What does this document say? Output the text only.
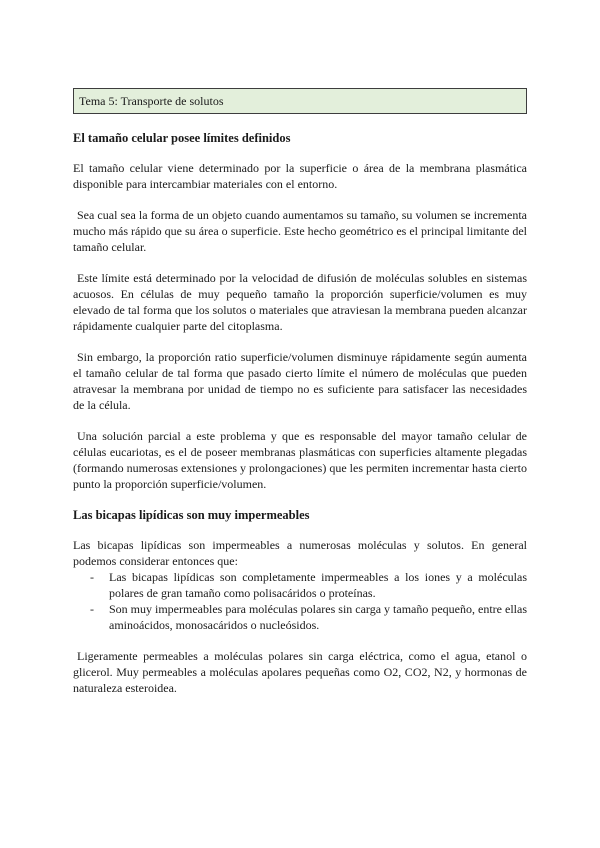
Tema 5: Transporte de solutos
El tamaño celular posee límites definidos

El tamaño celular viene determinado por la superficie o área de la membrana plasmática disponible para intercambiar materiales con el entorno.

Sea cual sea la forma de un objeto cuando aumentamos su tamaño, su volumen se incrementa mucho más rápido que su área o superficie. Este hecho geométrico es el principal limitante del tamaño celular.

Este límite está determinado por la velocidad de difusión de moléculas solubles en sistemas acuosos. En células de muy pequeño tamaño la proporción superficie/volumen es muy elevado de tal forma que los solutos o materiales que atraviesan la membrana pueden alcanzar rápidamente cualquier parte del citoplasma.

Sin embargo, la proporción ratio superficie/volumen disminuye rápidamente según aumenta el tamaño celular de tal forma que pasado cierto límite el número de moléculas que pueden atravesar la membrana por unidad de tiempo no es suficiente para satisfacer las necesidades de la célula.

Una solución parcial a este problema y que es responsable del mayor tamaño celular de células eucariotas, es el de poseer membranas plasmáticas con superficies altamente plegadas (formando numerosas extensiones y prolongaciones) que les permiten incrementar hasta cierto punto la proporción superficie/volumen.

Las bicapas lipídicas son muy impermeables

Las bicapas lipídicas son impermeables a numerosas moléculas y solutos. En general podemos considerar entonces que:

- Las bicapas lipídicas son completamente impermeables a los iones y a moléculas polares de gran tamaño como polisacáridos o proteínas.
- Son muy impermeables para moléculas polares sin carga y tamaño pequeño, entre ellas aminoácidos, monosacáridos o nucleósidos.

Ligeramente permeables a moléculas polares sin carga eléctrica, como el agua, etanol o glicerol. Muy permeables a moléculas apolares pequeñas como O2, CO2, N2, y hormonas de naturaleza esteroidea.
